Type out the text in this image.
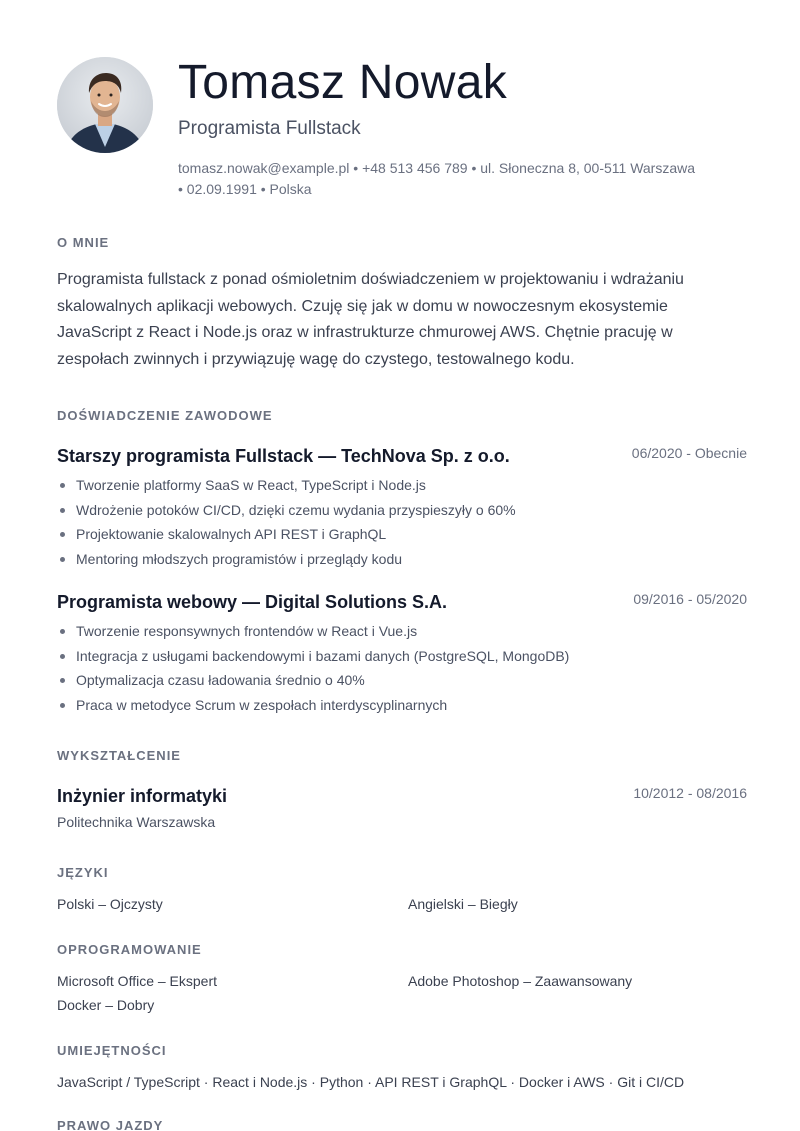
Tomasz Nowak
Programista Fullstack
tomasz.nowak@example.pl • +48 513 456 789 • ul. Słoneczna 8, 00-511 Warszawa
• 02.09.1991 • Polska
O MNIE
Programista fullstack z ponad ośmioletnim doświadczeniem w projektowaniu i wdrażaniu skalowalnych aplikacji webowych. Czuję się jak w domu w nowoczesnym ekosystemie JavaScript z React i Node.js oraz w infrastrukturze chmurowej AWS. Chętnie pracuję w zespołach zwinnych i przywiązuję wagę do czystego, testowalnego kodu.
DOŚWIADCZENIE ZAWODOWE
Starszy programista Fullstack — TechNova Sp. z o.o.	06/2020 - Obecnie
Tworzenie platformy SaaS w React, TypeScript i Node.js
Wdrożenie potoków CI/CD, dzięki czemu wydania przyspieszyły o 60%
Projektowanie skalowalnych API REST i GraphQL
Mentoring młodszych programistów i przeglądy kodu
Programista webowy — Digital Solutions S.A.	09/2016 - 05/2020
Tworzenie responsywnych frontendów w React i Vue.js
Integracja z usługami backendowymi i bazami danych (PostgreSQL, MongoDB)
Optymalizacja czasu ładowania średnio o 40%
Praca w metodyce Scrum w zespołach interdyscyplinarnych
WYKSZTAŁCENIE
Inżynier informatyki	10/2012 - 08/2016
Politechnika Warszawska
JĘZYKI
Polski – Ojczysty	Angielski – Biegły
OPROGRAMOWANIE
Microsoft Office – Ekspert	Adobe Photoshop – Zaawansowany
Docker – Dobry
UMIEJĘTNOŚCI
JavaScript / TypeScript · React i Node.js · Python · API REST i GraphQL · Docker i AWS · Git i CI/CD
PRAWO JAZDY
